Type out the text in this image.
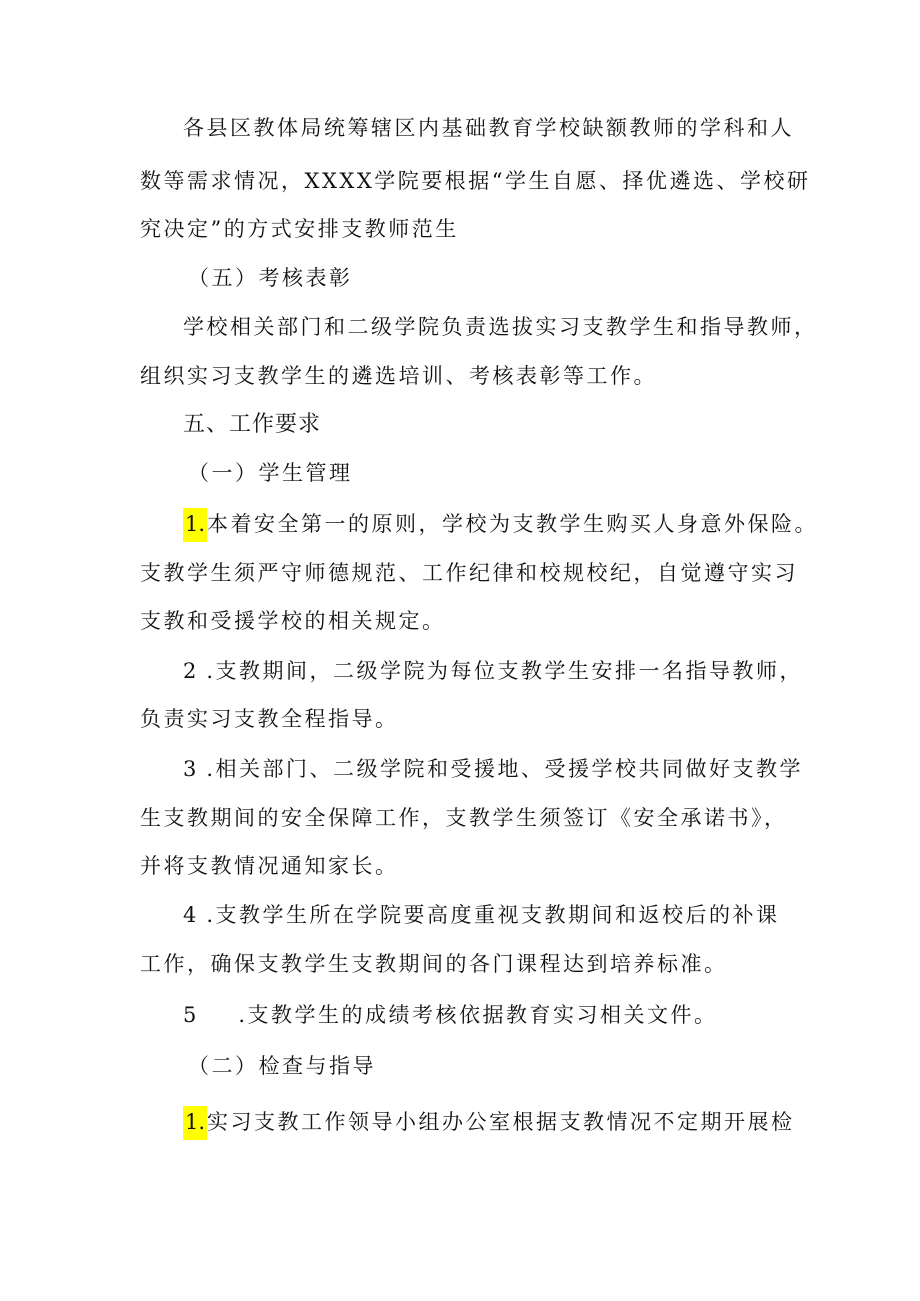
各县区教体局统筹辖区内基础教育学校缺额教师的学科和人
数等需求情况，XXXX学院要根据“学生自愿、择优遴选、学校研
究决定”的方式安排支教师范生
（五）考核表彰
学校相关部门和二级学院负责选拔实习支教学生和指导教师，
组织实习支教学生的遴选培训、考核表彰等工作。
五、工作要求
（一）学生管理
1.本着安全第一的原则，学校为支教学生购买人身意外保险。
支教学生须严守师德规范、工作纪律和校规校纪，自觉遵守实习
支教和受援学校的相关规定。
2 .支教期间，二级学院为每位支教学生安排一名指导教师，
负责实习支教全程指导。
3 .相关部门、二级学院和受援地、受援学校共同做好支教学
生支教期间的安全保障工作，支教学生须签订《安全承诺书》，
并将支教情况通知家长。
4 .支教学生所在学院要高度重视支教期间和返校后的补课
工作，确保支教学生支教期间的各门课程达到培养标准。
5 .支教学生的成绩考核依据教育实习相关文件。
（二）检查与指导
1.实习支教工作领导小组办公室根据支教情况不定期开展检
